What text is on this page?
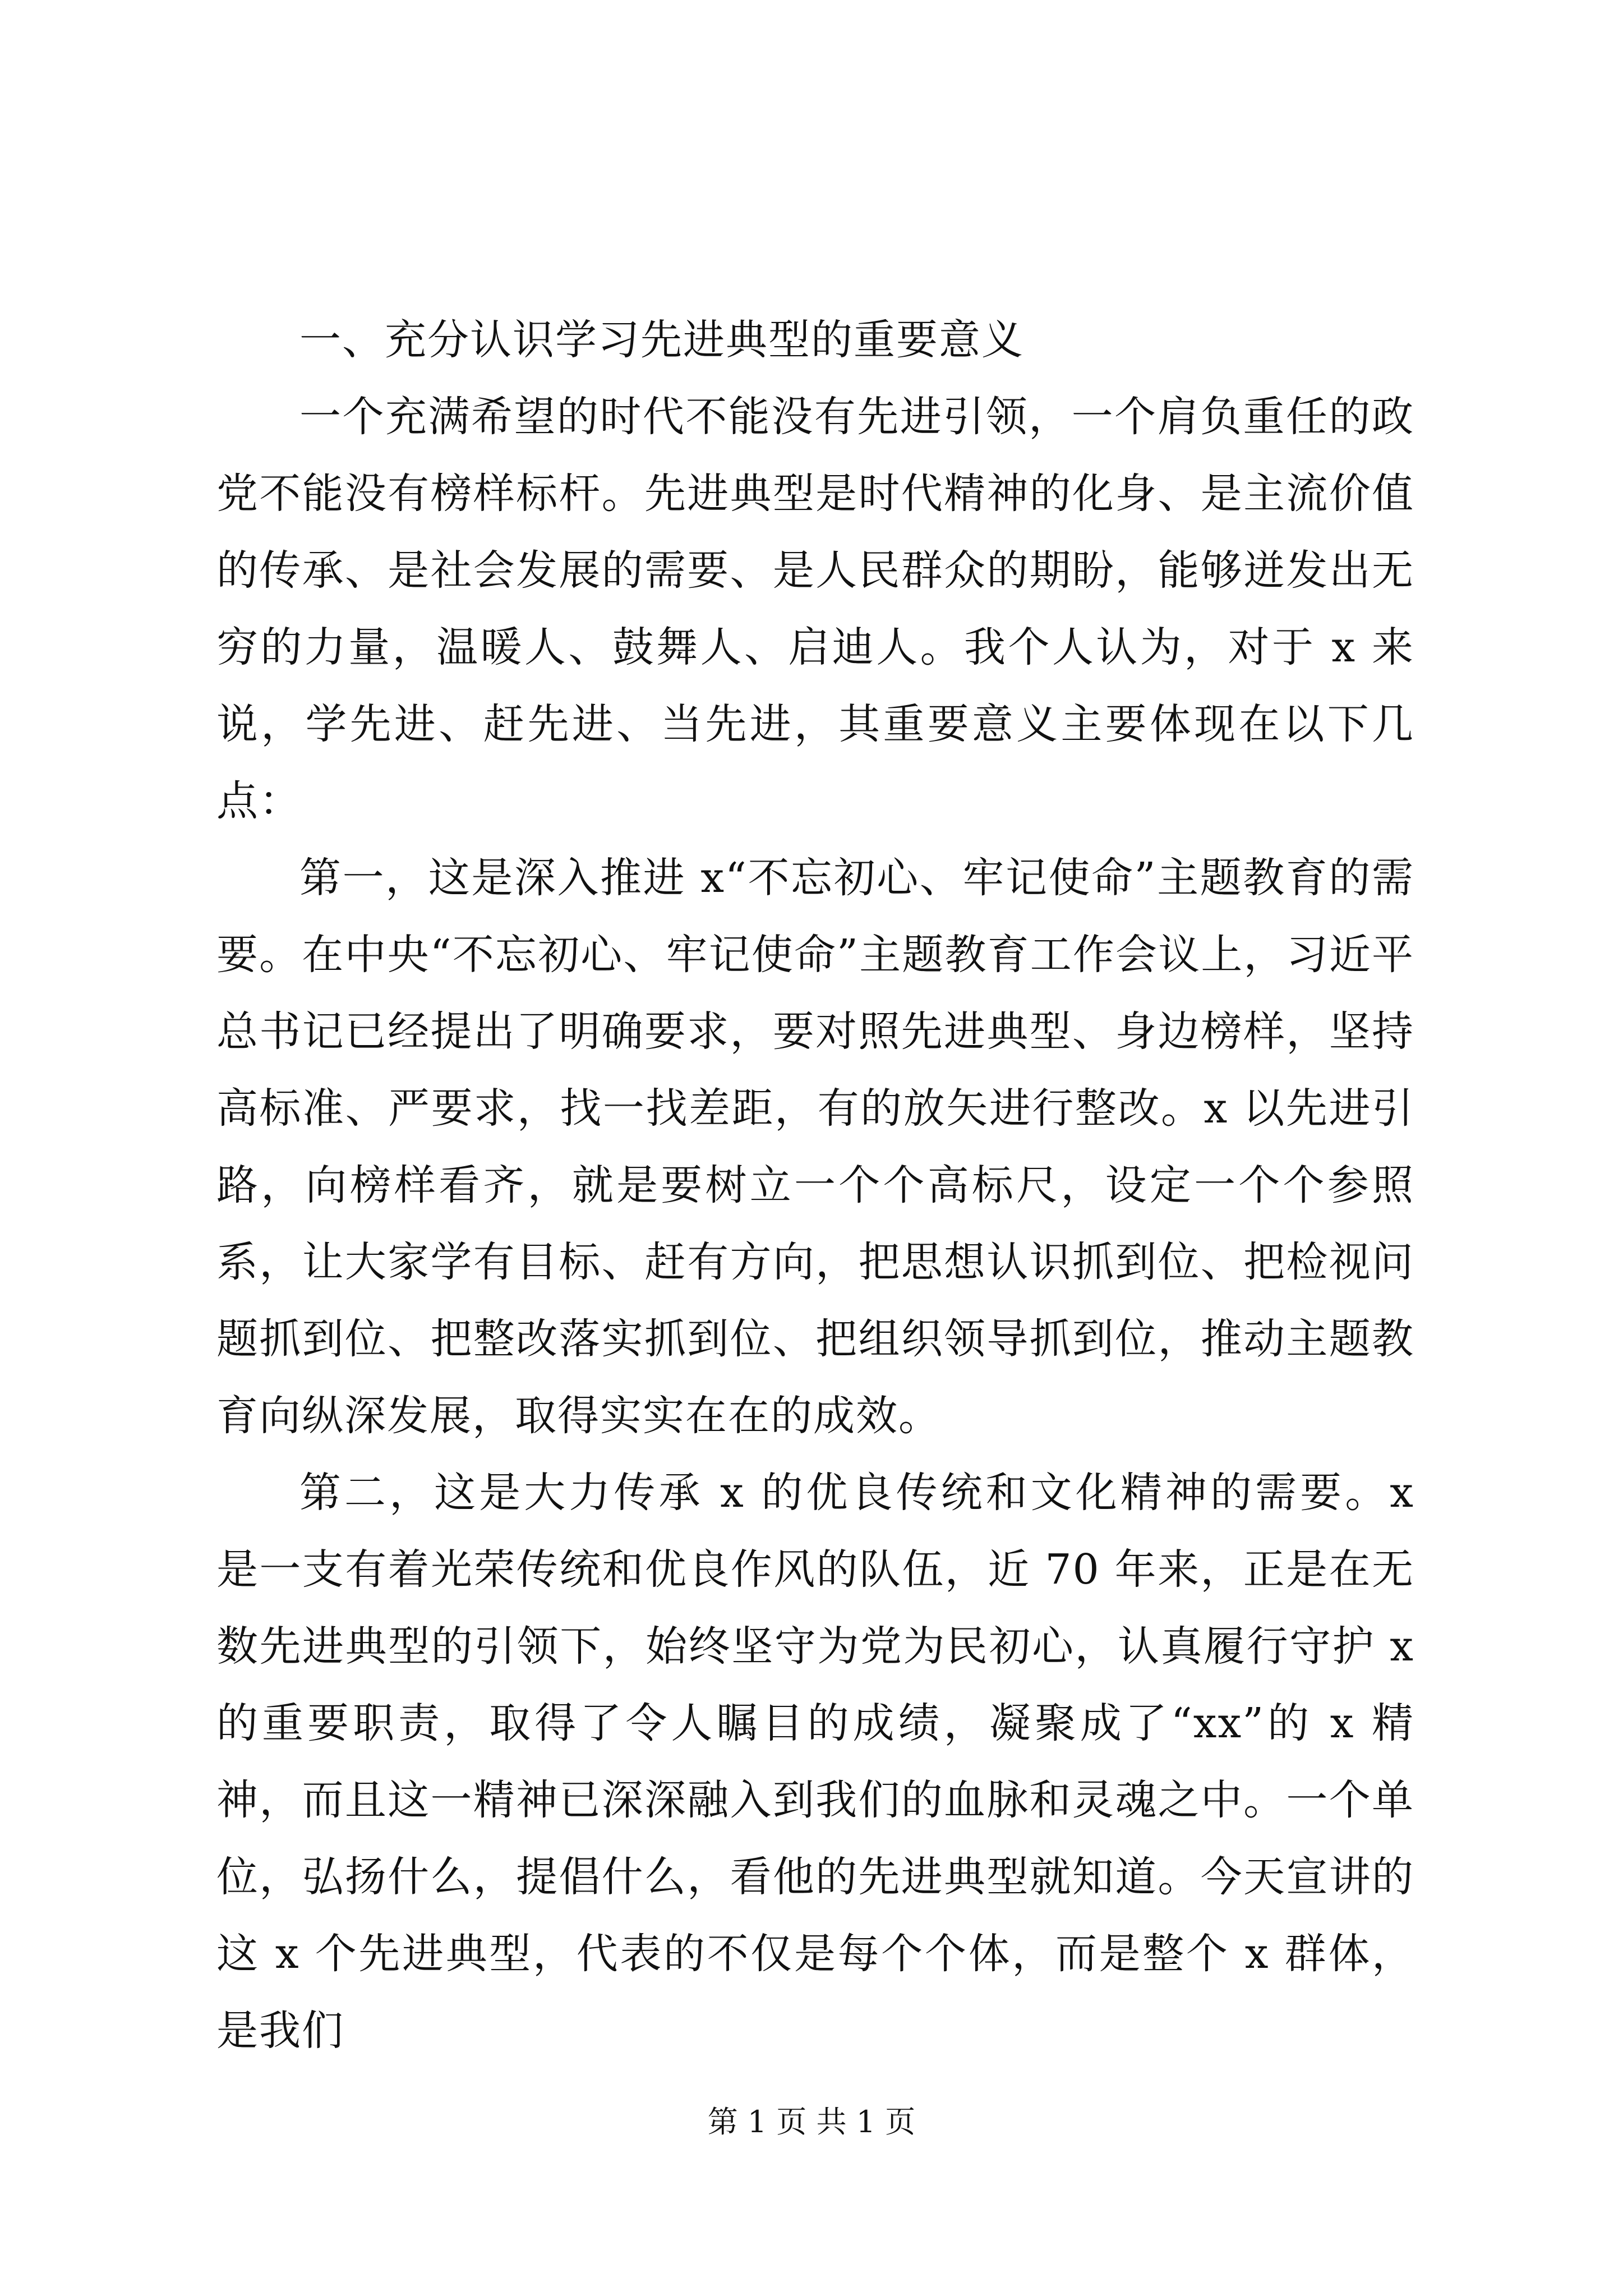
一、充分认识学习先进典型的重要意义

一个充满希望的时代不能没有先进引领，一个肩负重任的政党不能没有榜样标杆。先进典型是时代精神的化身、是主流价值的传承、是社会发展的需要、是人民群众的期盼，能够迸发出无穷的力量，温暖人、鼓舞人、启迪人。我个人认为，对于 x 来说，学先进、赶先进、当先进，其重要意义主要体现在以下几点：

第一，这是深入推进 x“不忘初心、牢记使命”主题教育的需要。在中央“不忘初心、牢记使命”主题教育工作会议上，习近平总书记已经提出了明确要求，要对照先进典型、身边榜样，坚持高标准、严要求，找一找差距，有的放矢进行整改。x 以先进引路，向榜样看齐，就是要树立一个个高标尺，设定一个个参照系，让大家学有目标、赶有方向，把思想认识抓到位、把检视问题抓到位、把整改落实抓到位、把组织领导抓到位，推动主题教育向纵深发展，取得实实在在的成效。

第二，这是大力传承 x 的优良传统和文化精神的需要。x 是一支有着光荣传统和优良作风的队伍，近 70 年来，正是在无数先进典型的引领下，始终坚守为党为民初心，认真履行守护 x 的重要职责，取得了令人瞩目的成绩，凝聚成了“xx”的 x 精神，而且这一精神已深深融入到我们的血脉和灵魂之中。一个单位，弘扬什么，提倡什么，看他的先进典型就知道。今天宣讲的这 x 个先进典型，代表的不仅是每个个体，而是整个 x 群体，是我们

第 1 页 共 1 页
